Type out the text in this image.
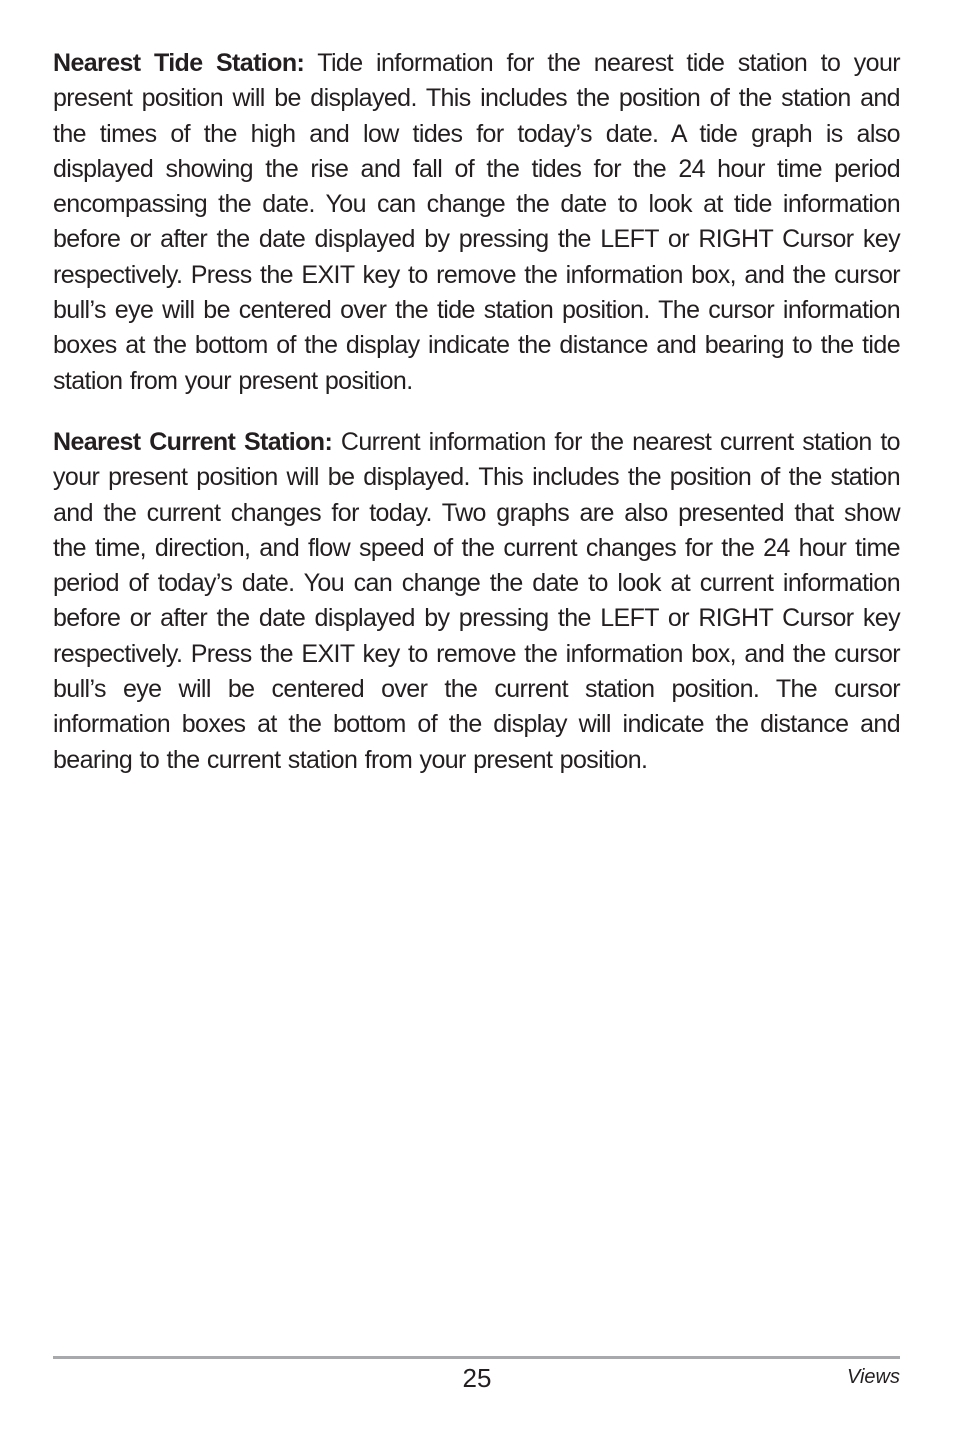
Nearest Tide Station: Tide information for the nearest tide station to your present position will be displayed. This includes the position of the station and the times of the high and low tides for today’s date. A tide graph is also displayed showing the rise and fall of the tides for the 24 hour time period encompassing the date. You can change the date to look at tide information before or after the date displayed by pressing the LEFT or RIGHT Cursor key respectively. Press the EXIT key to remove the information box, and the cursor bull’s eye will be centered over the tide station position. The cursor information boxes at the bottom of the display indicate the distance and bearing to the tide station from your present position.

Nearest Current Station: Current information for the nearest current station to your present position will be displayed. This includes the position of the station and the current changes for today. Two graphs are also presented that show the time, direction, and flow speed of the current changes for the 24 hour time period of today’s date. You can change the date to look at current information before or after the date displayed by pressing the LEFT or RIGHT Cursor key respectively. Press the EXIT key to remove the information box, and the cursor bull’s eye will be centered over the current station position. The cursor information boxes at the bottom of the display will indicate the distance and bearing to the current station from your present position.

25	Views
